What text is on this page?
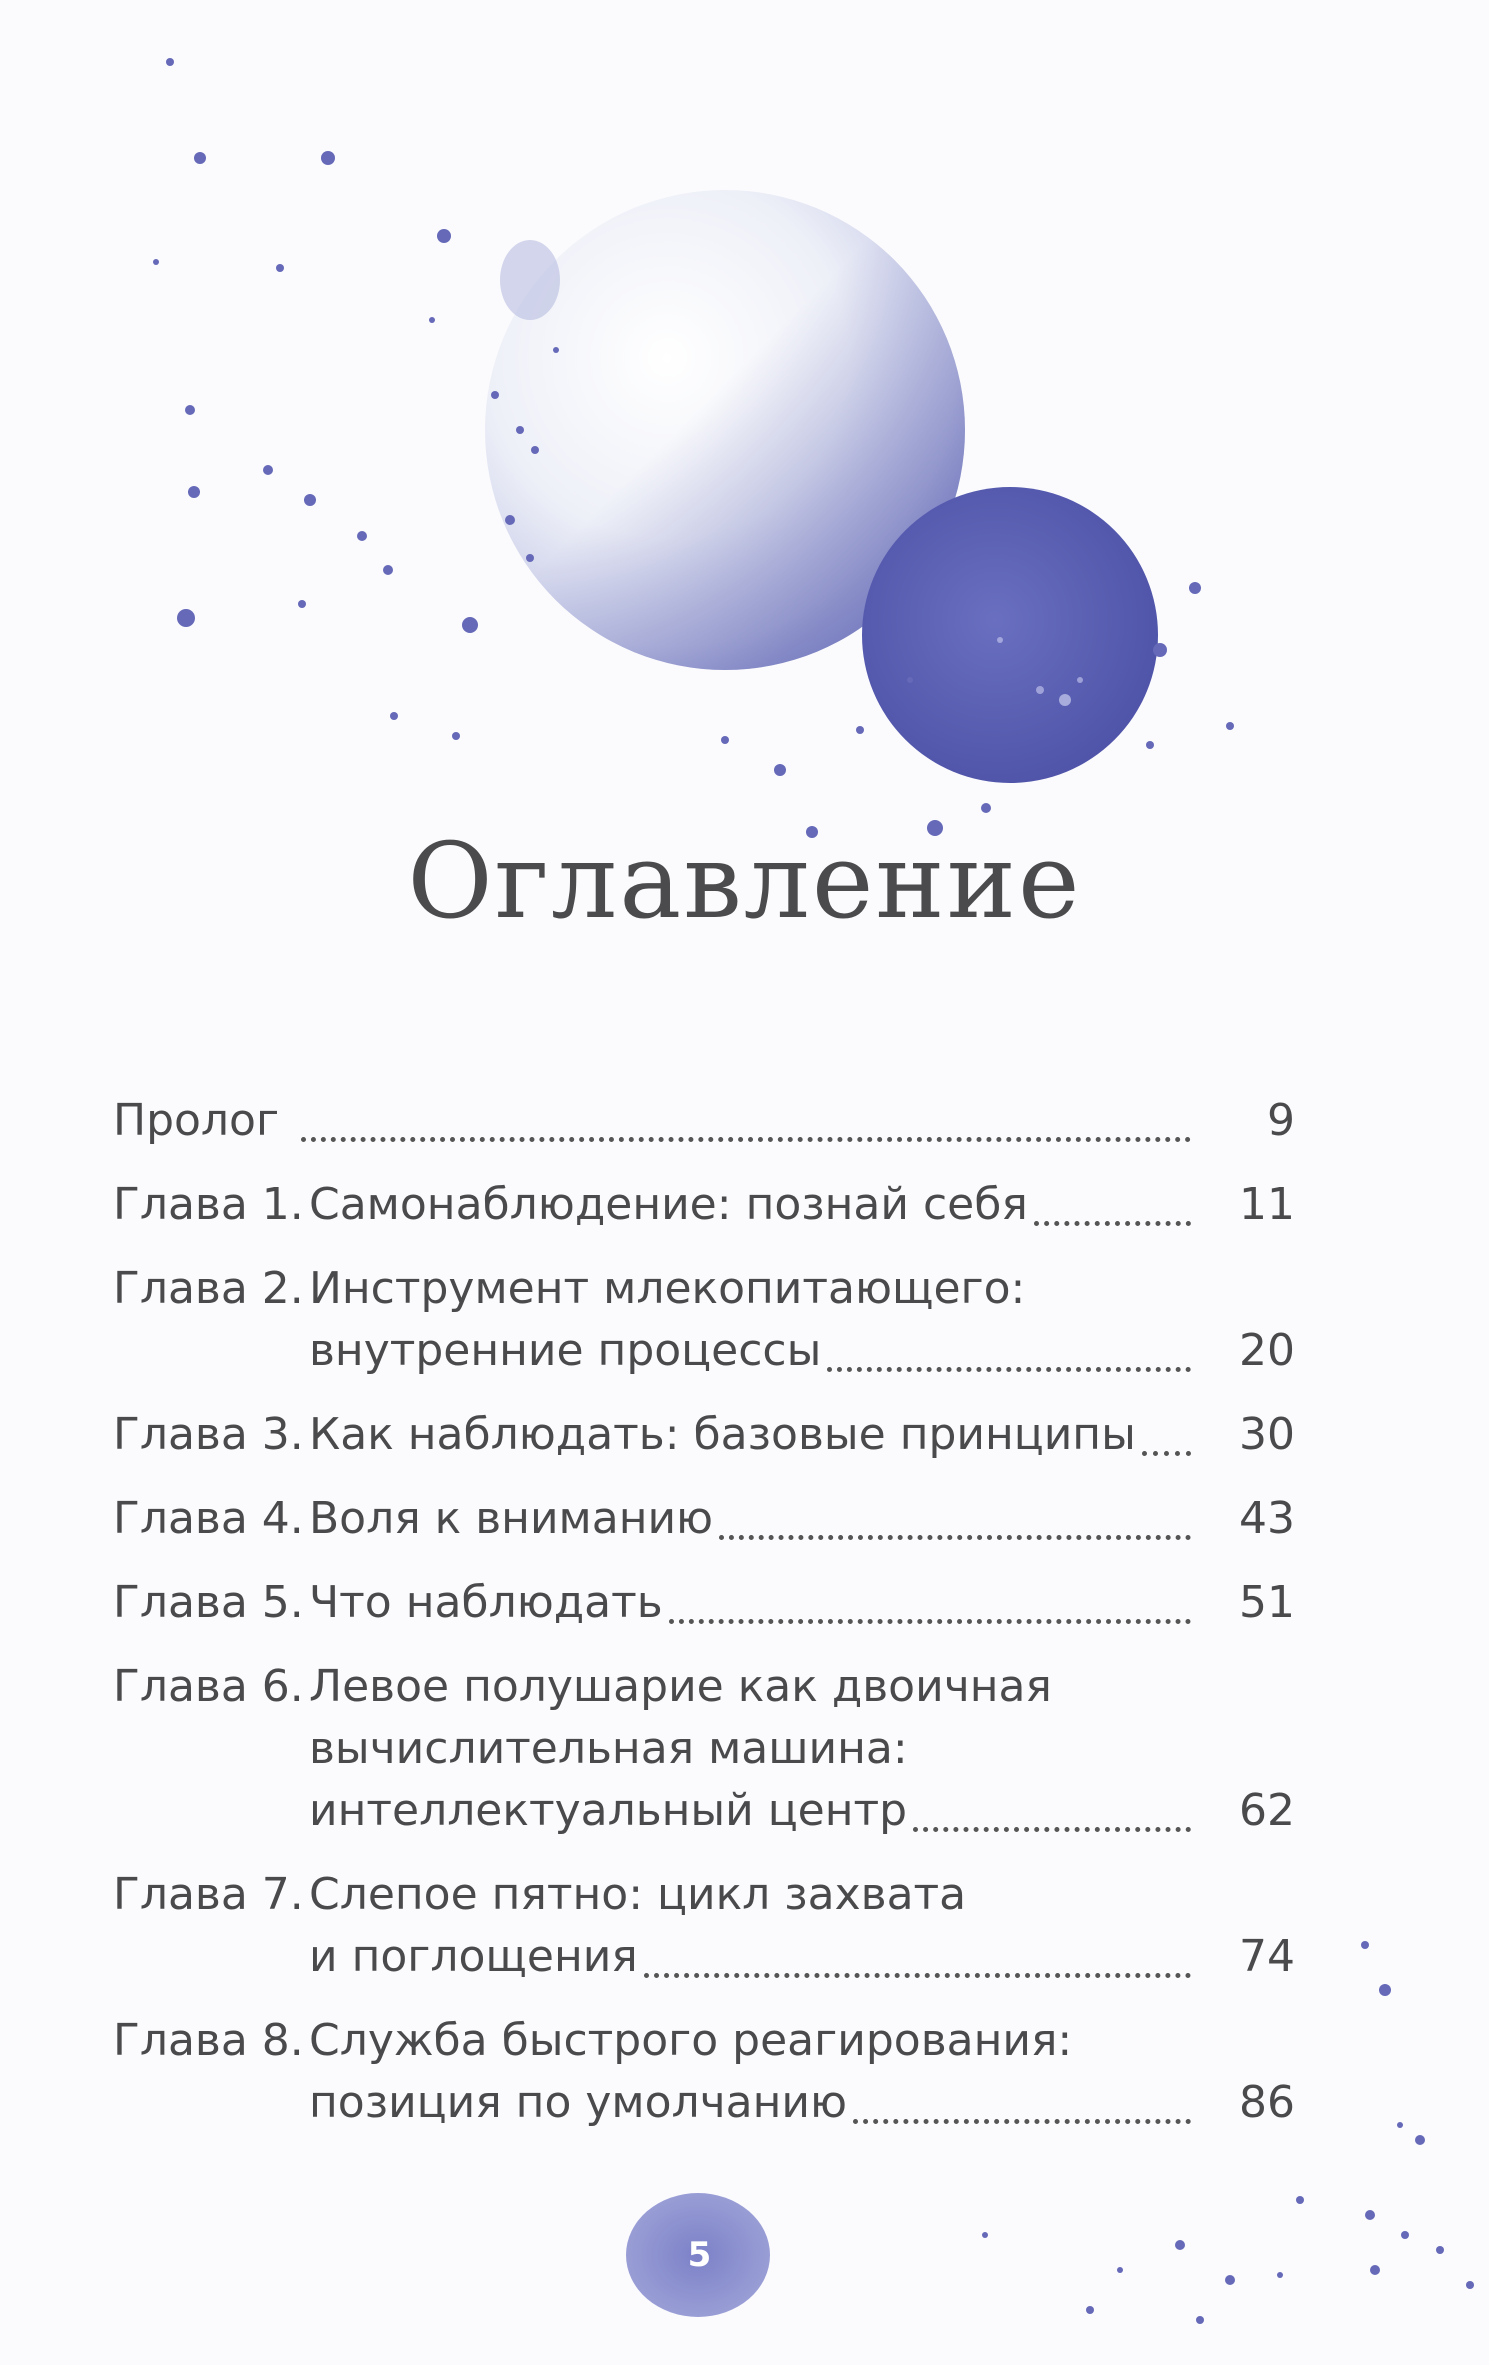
Оглавление
Пролог	9
Глава 1. Самонаблюдение: познай себя	11
Глава 2. Инструмент млекопитающего:
внутренние процессы	20
Глава 3. Как наблюдать: базовые принципы	30
Глава 4. Воля к вниманию	43
Глава 5. Что наблюдать	51
Глава 6. Левое полушарие как двоичная
вычислительная машина:
интеллектуальный центр	62
Глава 7. Слепое пятно: цикл захвата
и поглощения	74
Глава 8. Служба быстрого реагирования:
позиция по умолчанию	86
5
